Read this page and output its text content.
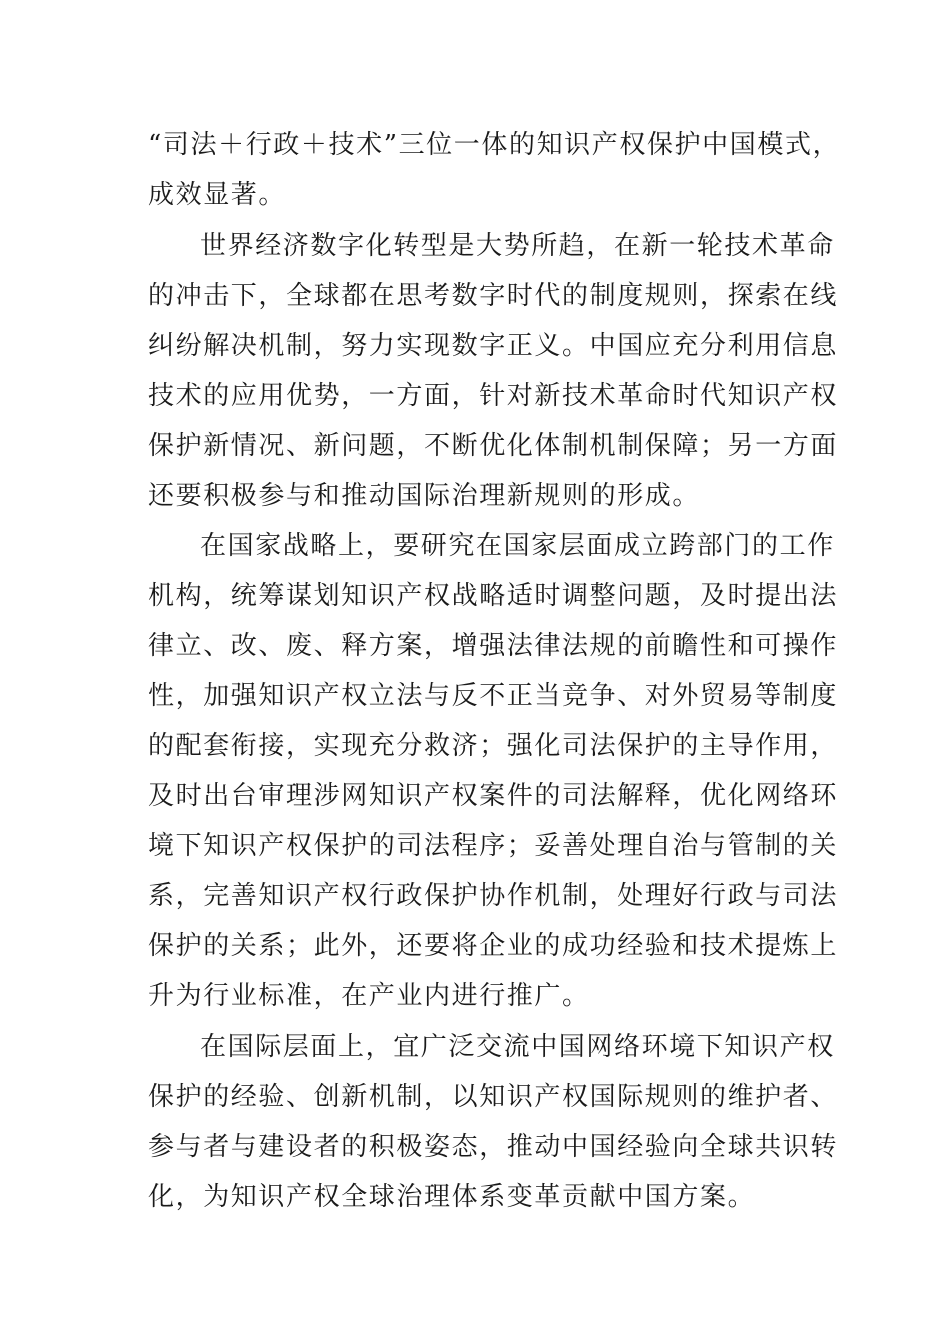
“司法＋行政＋技术”三位一体的知识产权保护中国模式，
成效显著。
世界经济数字化转型是大势所趋，在新一轮技术革命
的冲击下，全球都在思考数字时代的制度规则，探索在线
纠纷解决机制，努力实现数字正义。中国应充分利用信息
技术的应用优势，一方面，针对新技术革命时代知识产权
保护新情况、新问题，不断优化体制机制保障；另一方面
还要积极参与和推动国际治理新规则的形成。
在国家战略上，要研究在国家层面成立跨部门的工作
机构，统筹谋划知识产权战略适时调整问题，及时提出法
律立、改、废、释方案，增强法律法规的前瞻性和可操作
性，加强知识产权立法与反不正当竞争、对外贸易等制度
的配套衔接，实现充分救济；强化司法保护的主导作用，
及时出台审理涉网知识产权案件的司法解释，优化网络环
境下知识产权保护的司法程序；妥善处理自治与管制的关
系，完善知识产权行政保护协作机制，处理好行政与司法
保护的关系；此外，还要将企业的成功经验和技术提炼上
升为行业标准，在产业内进行推广。
在国际层面上，宜广泛交流中国网络环境下知识产权
保护的经验、创新机制，以知识产权国际规则的维护者、
参与者与建设者的积极姿态，推动中国经验向全球共识转
化，为知识产权全球治理体系变革贡献中国方案。
